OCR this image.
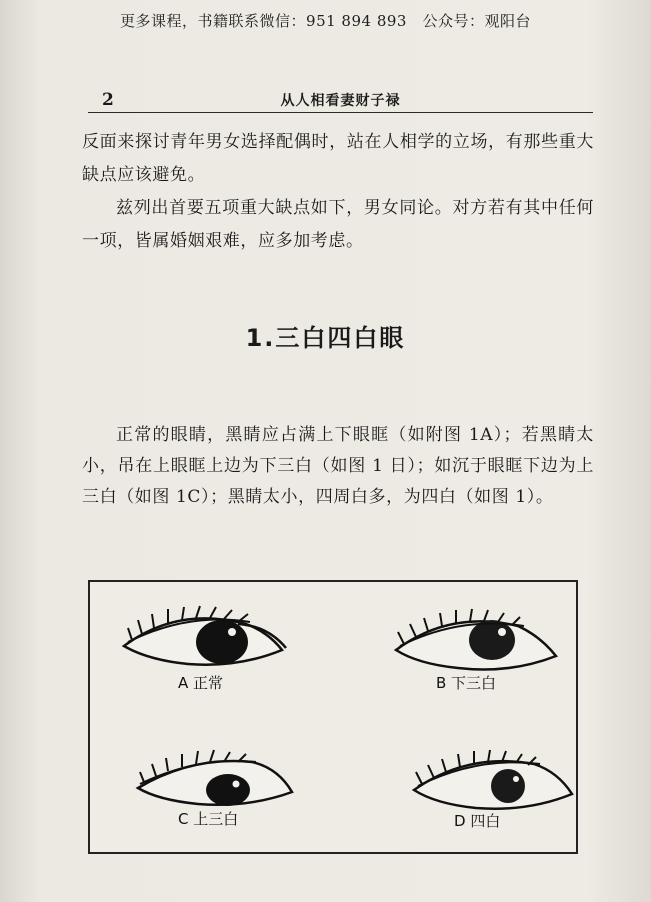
更多课程，书籍联系微信：951 894 893　公众号：观阳台
2	从人相看妻财子禄

反面来探讨青年男女选择配偶时，站在人相学的立场，有那些重大缺点应该避免。

兹列出首要五项重大缺点如下，男女同论。对方若有其中任何一项，皆属婚姻艰难，应多加考虑。

1.三白四白眼

正常的眼睛，黑睛应占满上下眼眶（如附图 1A）；若黑睛太小，吊在上眼眶上边为下三白（如图 1 日）；如沉于眼眶下边为上三白（如图 1C）；黑睛太小，四周白多，为四白（如图 1）。

A 正常	B 下三白
C 上三白	D 四白
